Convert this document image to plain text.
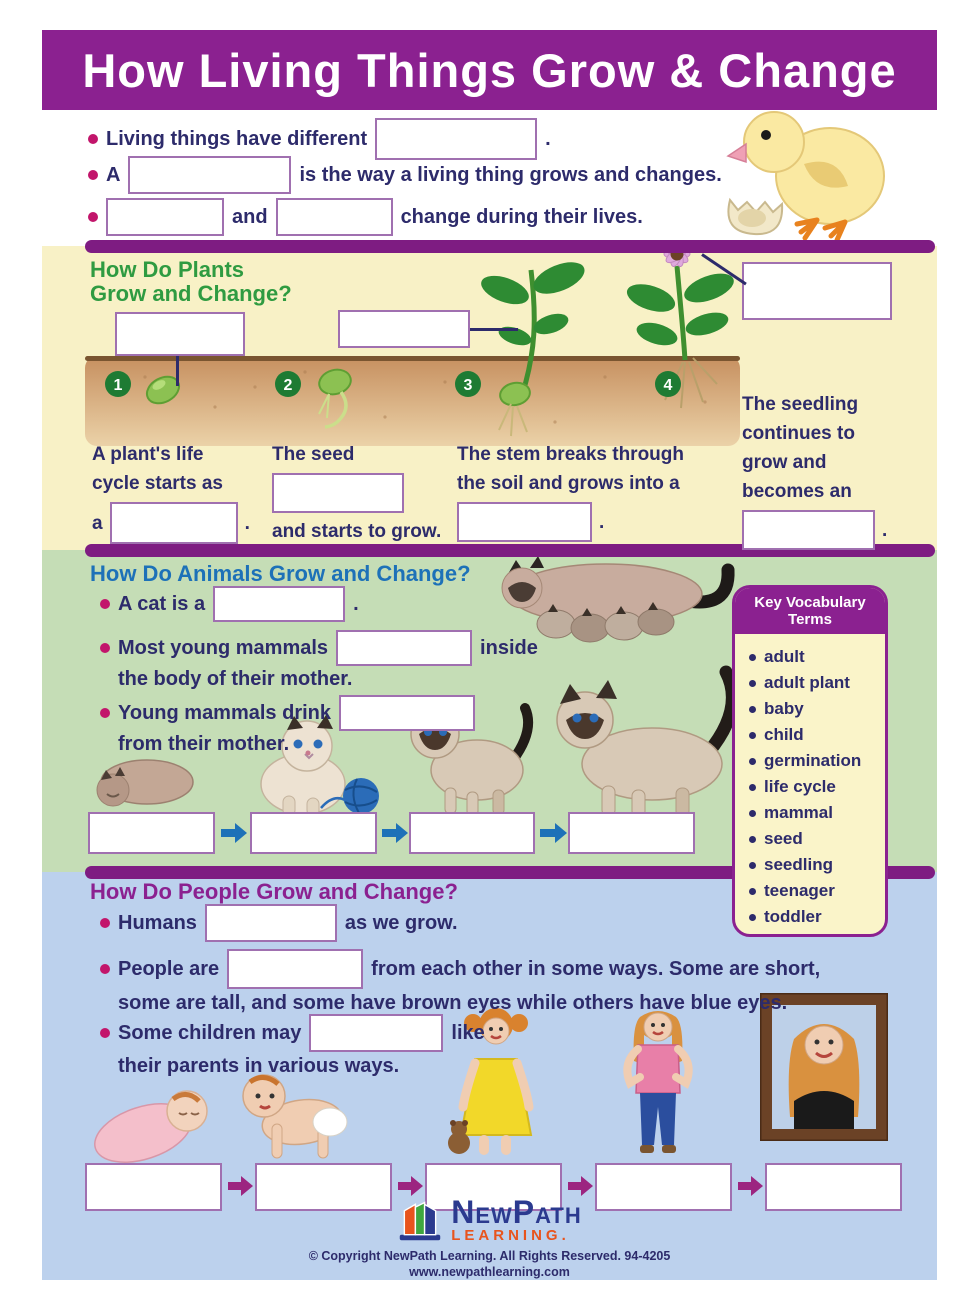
How Living Things Grow & Change
Living things have different	.
A	is the way a living thing grows and changes.
and	change during their lives.
How Do Plants
Grow and Change?
1	2	3	4
A plant's life
cycle starts as
a	.
The seed
and starts to grow.
The stem breaks through
the soil and grows into a
.
The seedling
continues to
grow and
becomes an
.
How Do Animals Grow and Change?
A cat is a	.
Most young mammals	inside
the body of their mother.
Young mammals drink
from their mother.
Key Vocabulary
Terms
adult
adult plant
baby
child
germination
life cycle
mammal
seed
seedling
teenager
toddler
How Do People Grow and Change?
Humans	as we grow.
People are	from each other in some ways. Some are short,
some are tall, and some have brown eyes while others have blue eyes.
Some children may	like
their parents in various ways.
NewPath
LEARNING.
© Copyright NewPath Learning. All Rights Reserved. 94-4205
www.newpathlearning.com
